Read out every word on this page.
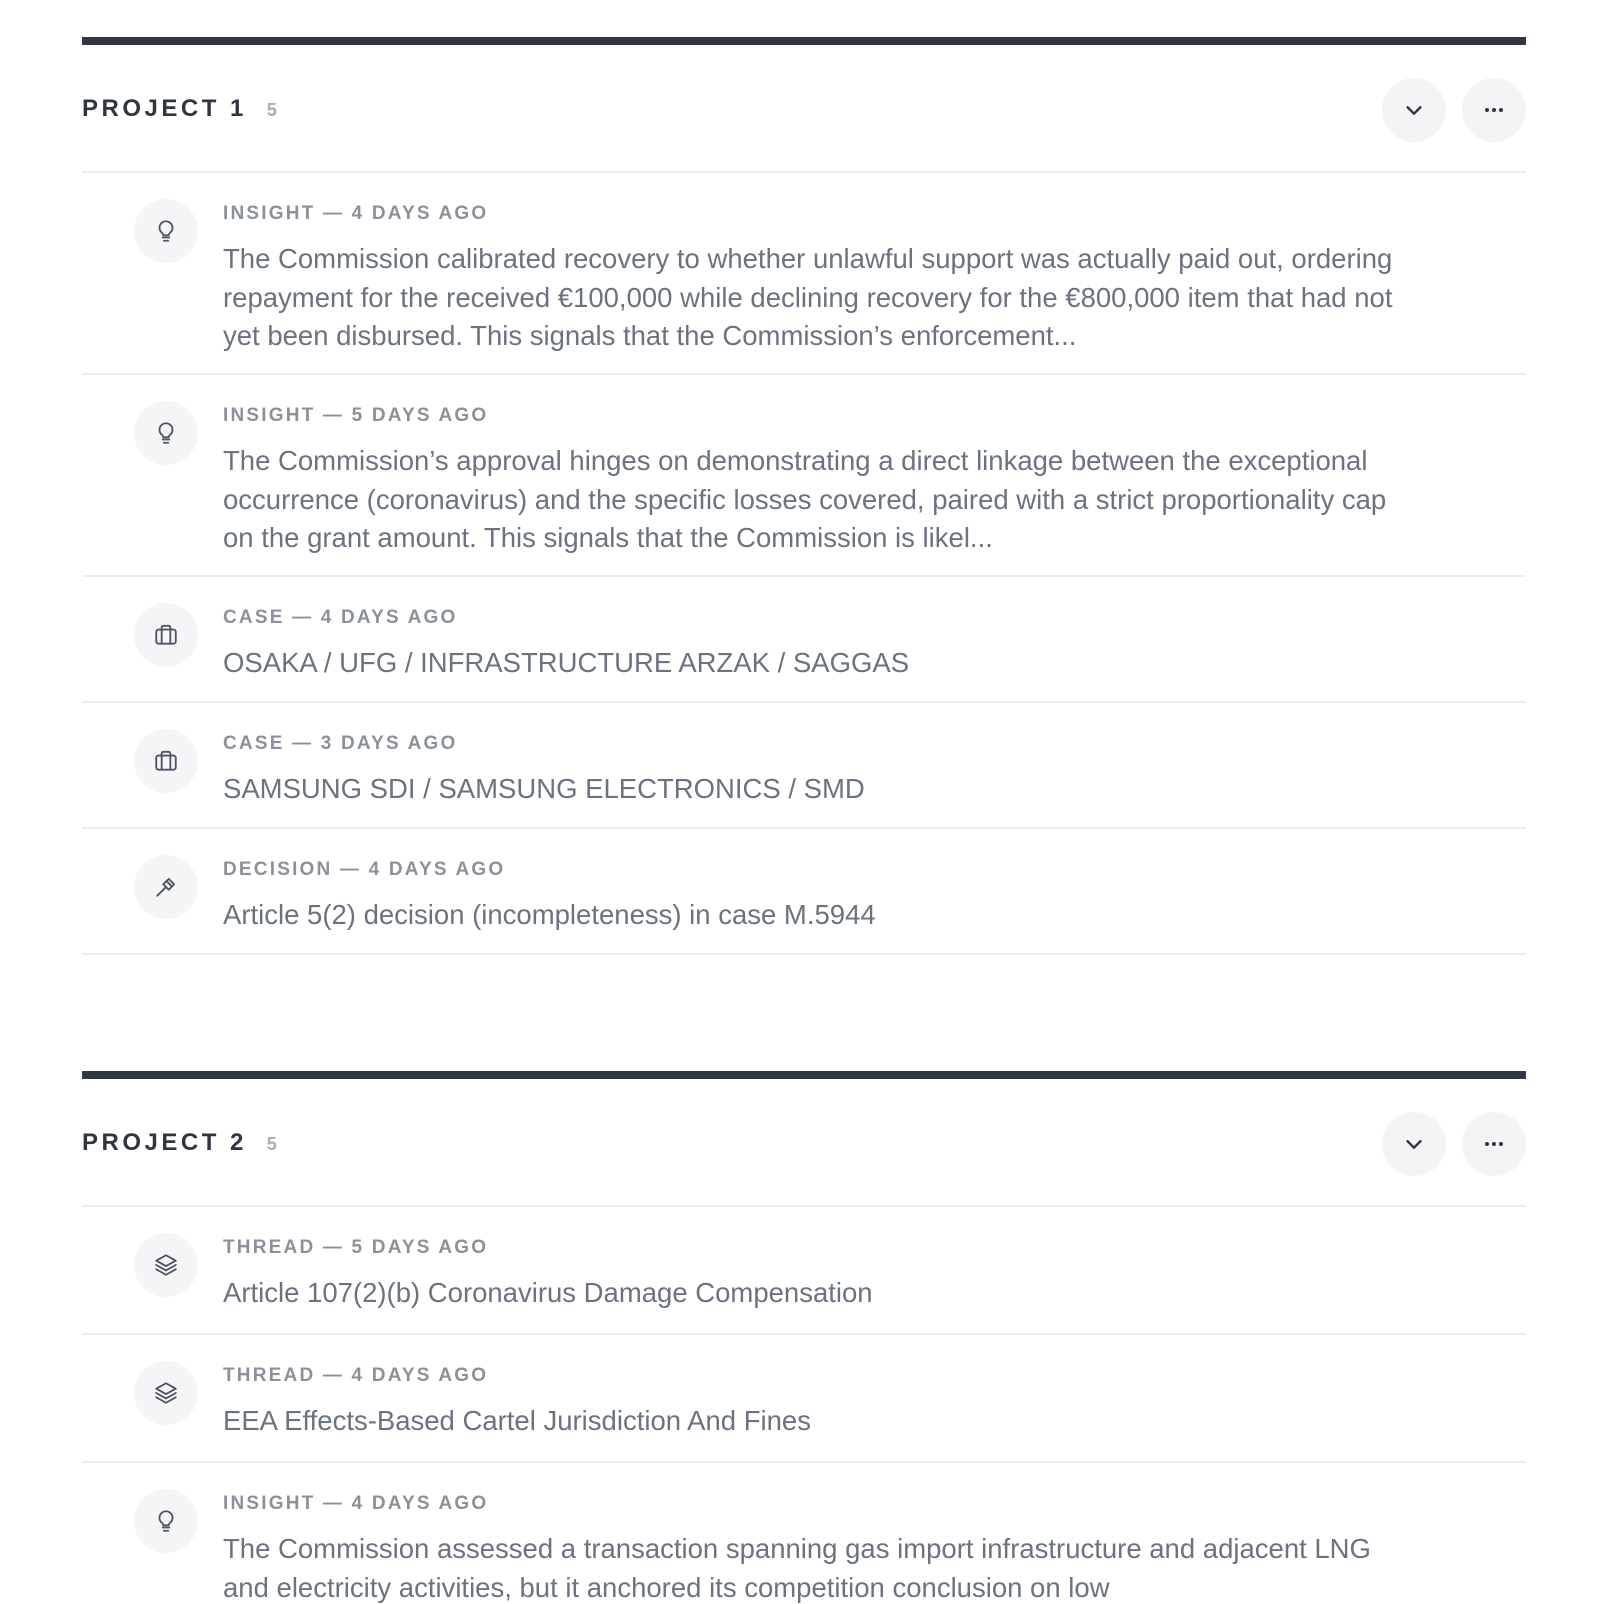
PROJECT 1 5
INSIGHT — 4 DAYS AGO
The Commission calibrated recovery to whether unlawful support was actually paid out, ordering repayment for the received €100,000 while declining recovery for the €800,000 item that had not yet been disbursed. This signals that the Commission’s enforcement...
INSIGHT — 5 DAYS AGO
The Commission’s approval hinges on demonstrating a direct linkage between the exceptional occurrence (coronavirus) and the specific losses covered, paired with a strict proportionality cap on the grant amount. This signals that the Commission is likel...
CASE — 4 DAYS AGO
OSAKA / UFG / INFRASTRUCTURE ARZAK / SAGGAS
CASE — 3 DAYS AGO
SAMSUNG SDI / SAMSUNG ELECTRONICS / SMD
DECISION — 4 DAYS AGO
Article 5(2) decision (incompleteness) in case M.5944
PROJECT 2 5
THREAD — 5 DAYS AGO
Article 107(2)(b) Coronavirus Damage Compensation
THREAD — 4 DAYS AGO
EEA Effects-Based Cartel Jurisdiction And Fines
INSIGHT — 4 DAYS AGO
The Commission assessed a transaction spanning gas import infrastructure and adjacent LNG and electricity activities, but it anchored its competition conclusion on low
